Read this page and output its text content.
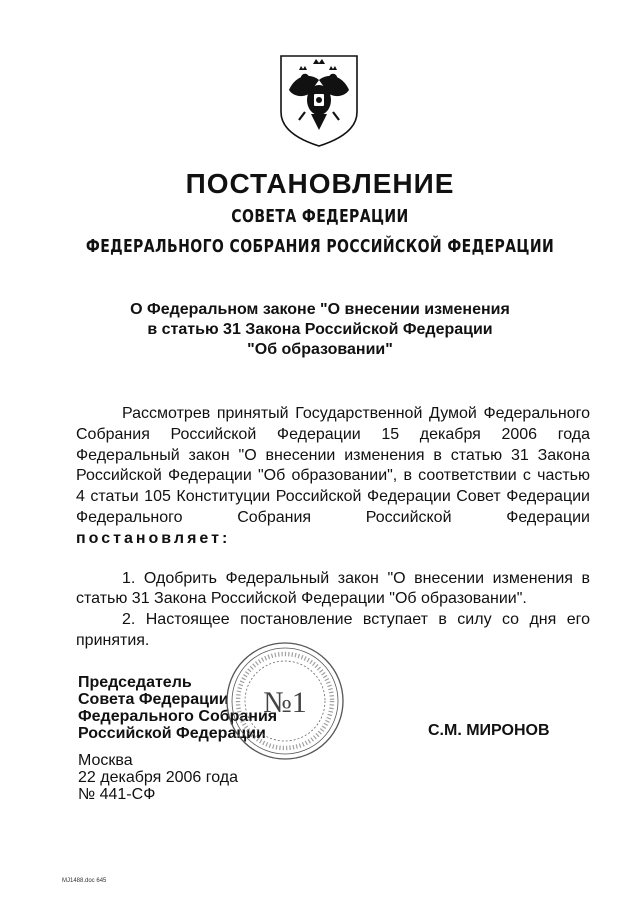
ПОСТАНОВЛЕНИЕ
СОВЕТА ФЕДЕРАЦИИ
ФЕДЕРАЛЬНОГО СОБРАНИЯ РОССИЙСКОЙ ФЕДЕРАЦИИ
О Федеральном законе "О внесении изменения
в статью 31 Закона Российской Федерации
"Об образовании"

Рассмотрев принятый Государственной Думой Федерального Собрания Российской Федерации 15 декабря 2006 года Федеральный закон "О внесении изменения в статью 31 Закона Российской Федерации "Об образовании", в соответствии с частью 4 статьи 105 Конституции Российской Федерации Совет Федерации Федерального Собрания Российской Федерации постановляет:

1. Одобрить Федеральный закон "О внесении изменения в статью 31 Закона Российской Федерации "Об образовании".

2. Настоящее постановление вступает в силу со дня его принятия.

Председатель
Совета Федерации
Федерального Собрания
Российской Федерации	С.М. МИРОНОВ
Москва
22 декабря 2006 года
№ 441-СФ
№1
MJ1488.doc 645
